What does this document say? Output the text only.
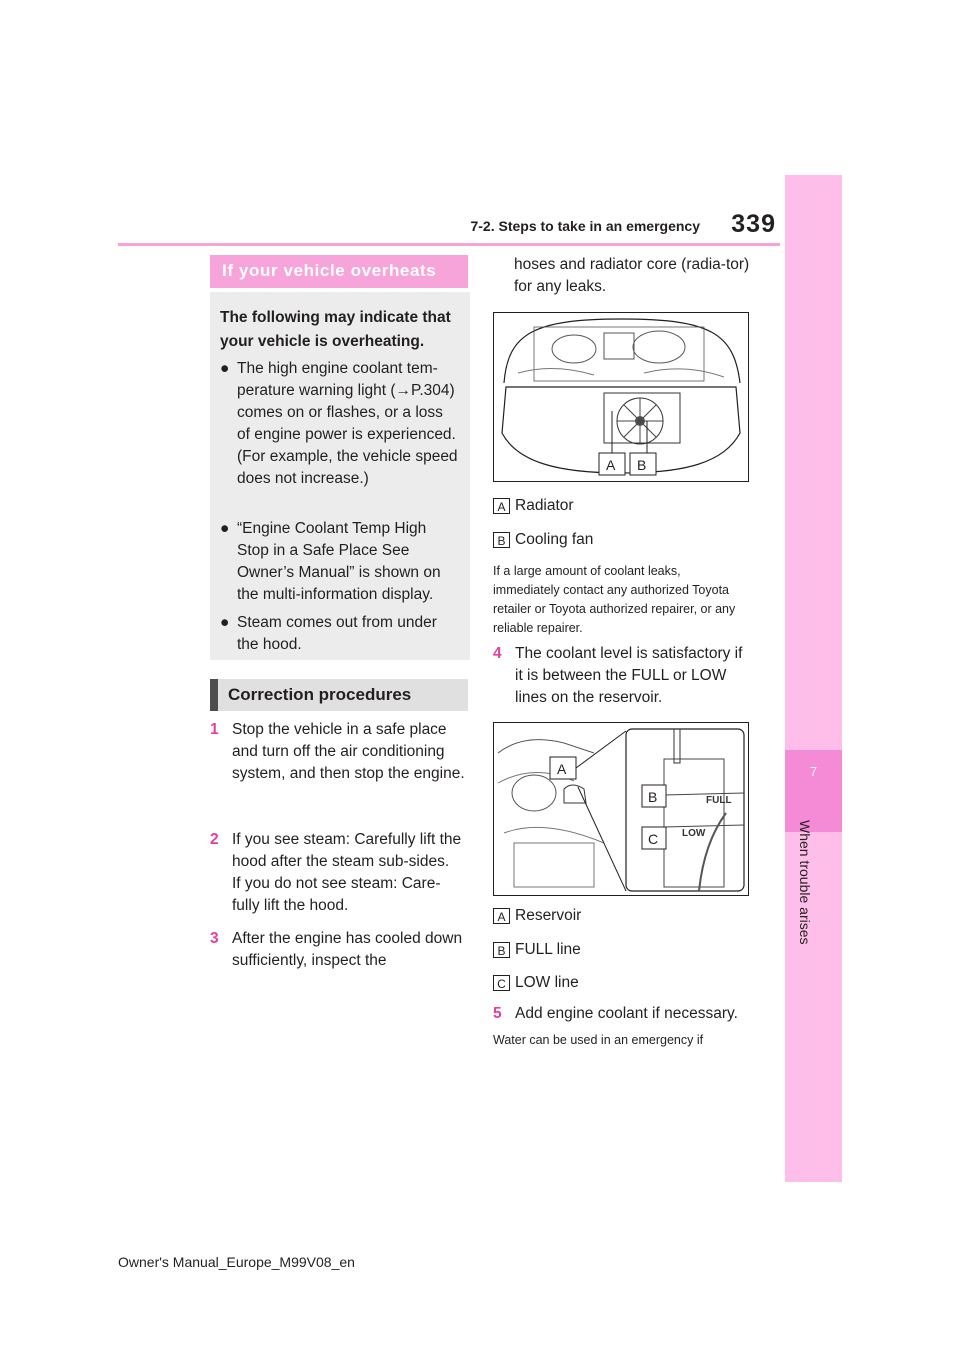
7-2. Steps to take in an emergency	339
7
When trouble arises
If your vehicle overheats
The following may indicate that your vehicle is overheating.
● The high engine coolant tem-perature warning light (→P.304) comes on or flashes, or a loss of engine power is experienced. (For example, the vehicle speed does not increase.)
● “Engine Coolant Temp High Stop in a Safe Place See Owner’s Manual” is shown on the multi-information display.
● Steam comes out from under the hood.
Correction procedures
1 Stop the vehicle in a safe place and turn off the air conditioning system, and then stop the engine.
2 If you see steam: Carefully lift the hood after the steam sub-sides.
If you do not see steam: Care-fully lift the hood.
3 After the engine has cooled down sufficiently, inspect the
hoses and radiator core (radia-tor) for any leaks.
A B
A Radiator
B Cooling fan
If a large amount of coolant leaks, immediately contact any authorized Toyota retailer or Toyota authorized repairer, or any reliable repairer.
4 The coolant level is satisfactory if it is between the FULL or LOW lines on the reservoir.
A
FULL
LOW
B
C
A Reservoir
B FULL line
C LOW line
5 Add engine coolant if necessary.
Water can be used in an emergency if
Owner's Manual_Europe_M99V08_en
